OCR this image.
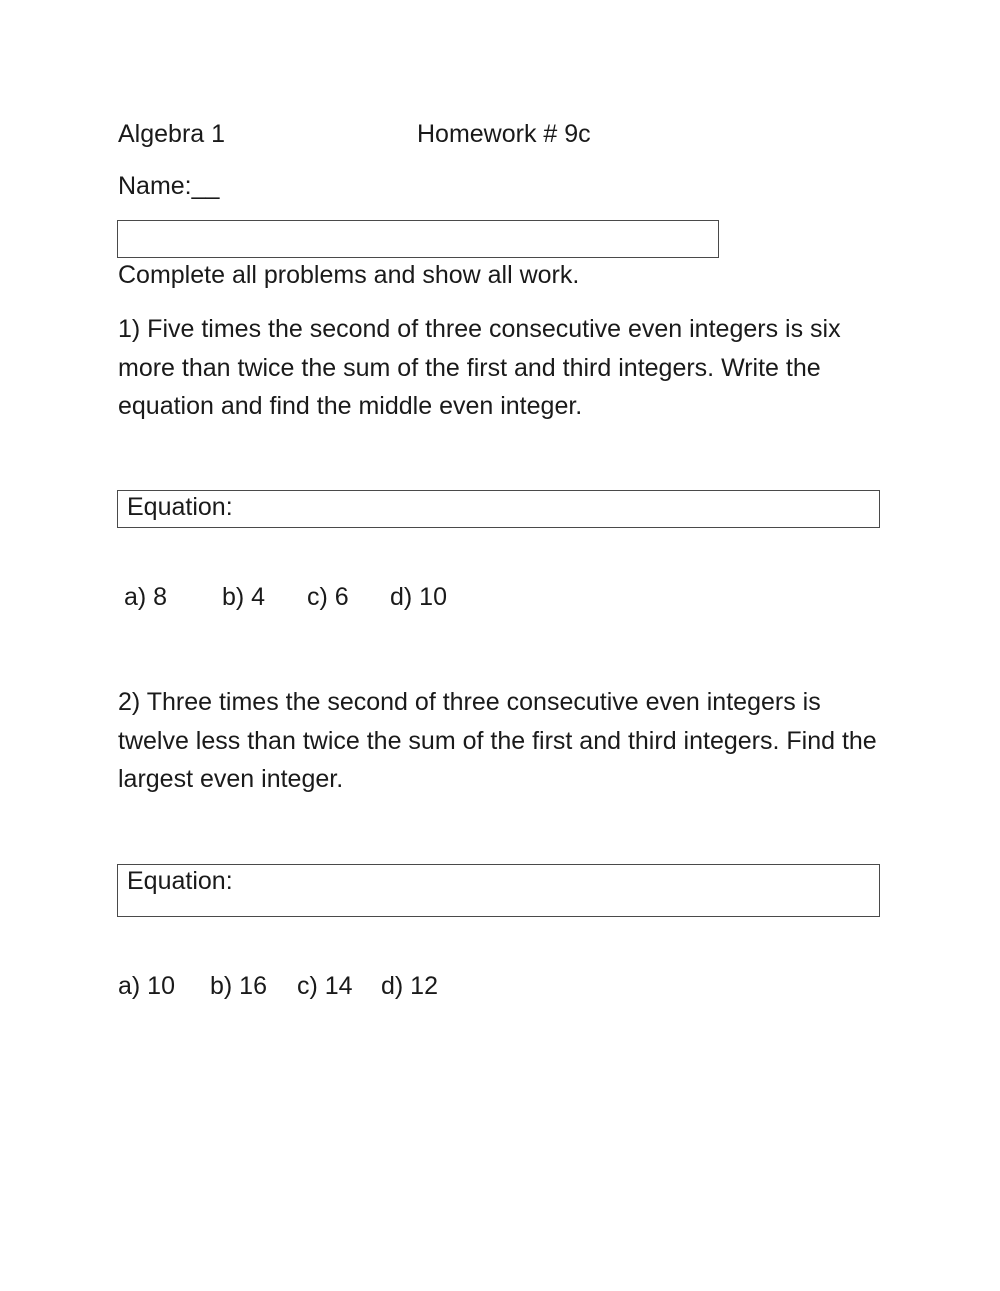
Algebra 1	Homework # 9c
Name:__
Complete all problems and show all work.
1) Five times the second of three consecutive even integers is six more than twice the sum of the first and third integers. Write the equation and find the middle even integer.
Equation:
a) 8 b) 4 c) 6 d) 10
2) Three times the second of three consecutive even integers is twelve less than twice the sum of the first and third integers. Find the largest even integer.
Equation:
a) 10 b) 16 c) 14 d) 12
